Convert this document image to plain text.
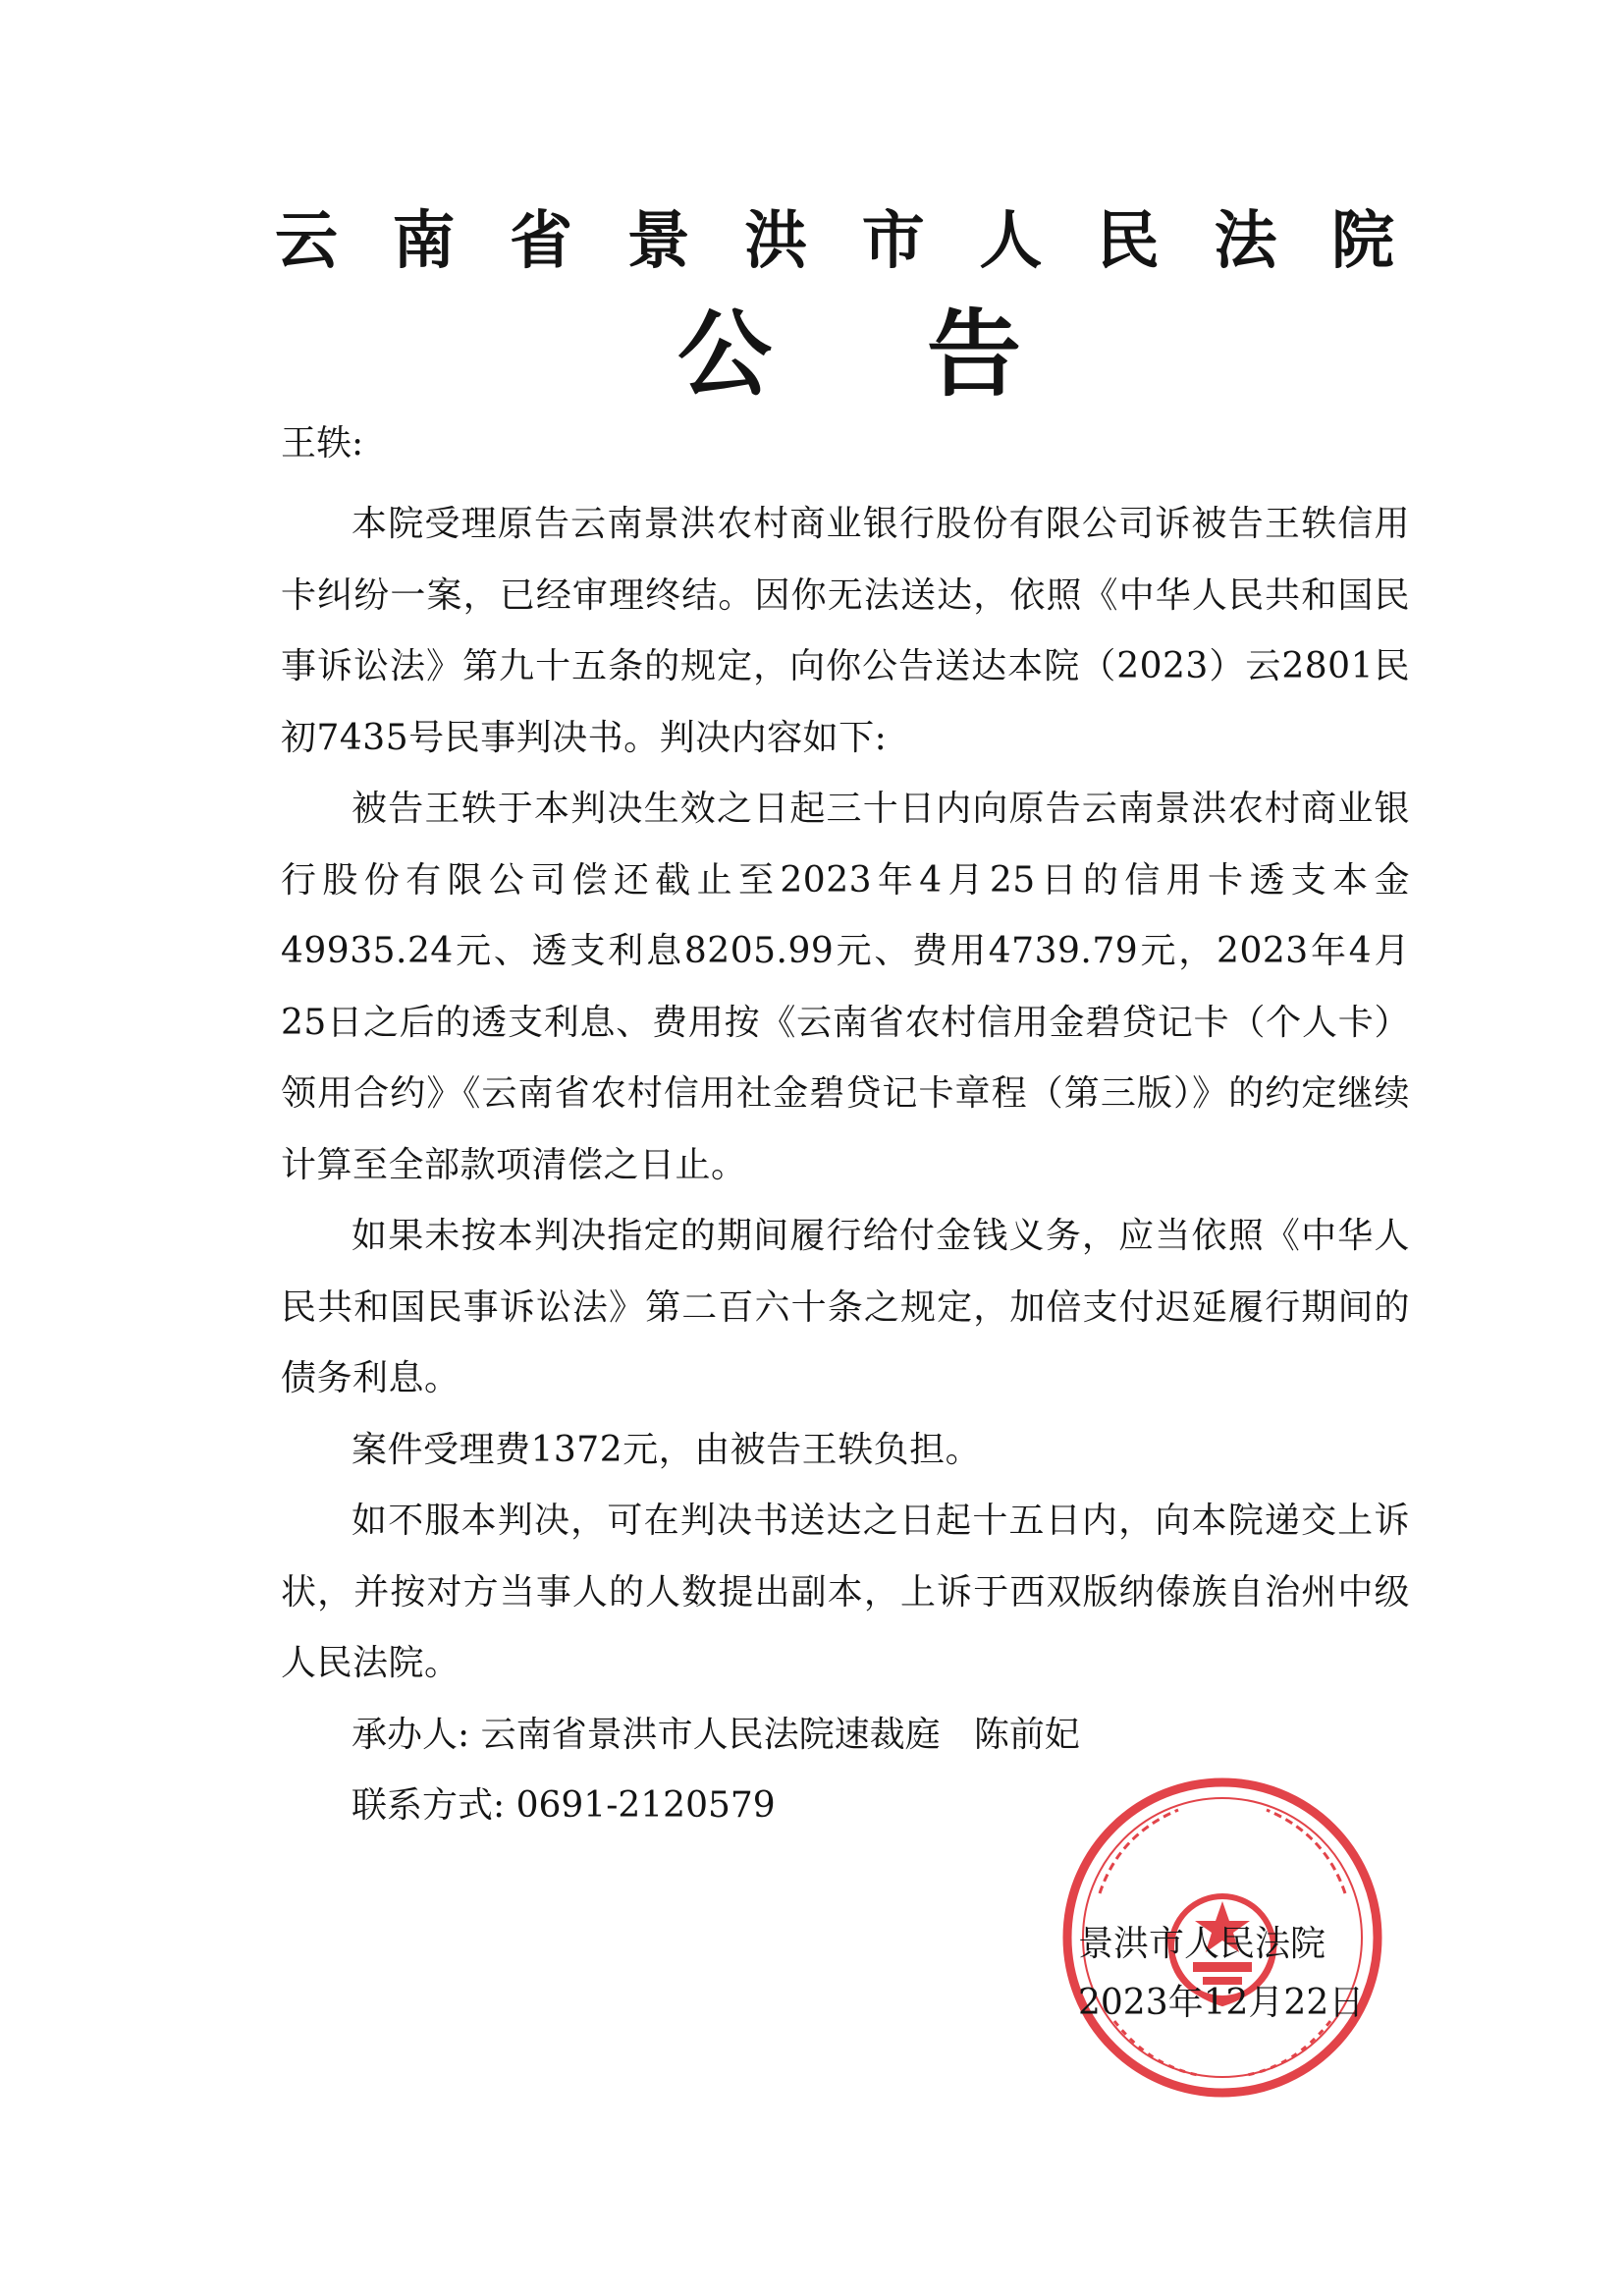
云南省景洪市人民法院
公告
王轶:

本院受理原告云南景洪农村商业银行股份有限公司诉被告王轶信用卡纠纷一案，已经审理终结。因你无法送达，依照《中华人民共和国民事诉讼法》第九十五条的规定，向你公告送达本院（2023）云2801民初7435号民事判决书。判决内容如下:

被告王轶于本判决生效之日起三十日内向原告云南景洪农村商业银行股份有限公司偿还截止至2023年4月25日的信用卡透支本金49935.24元、透支利息8205.99元、费用4739.79元，2023年4月25日之后的透支利息、费用按《云南省农村信用金碧贷记卡（个人卡）领用合约》《云南省农村信用社金碧贷记卡章程（第三版）》的约定继续计算至全部款项清偿之日止。

如果未按本判决指定的期间履行给付金钱义务，应当依照《中华人民共和国民事诉讼法》第二百六十条之规定，加倍支付迟延履行期间的债务利息。

案件受理费1372元，由被告王轶负担。

如不服本判决，可在判决书送达之日起十五日内，向本院递交上诉状，并按对方当事人的人数提出副本，上诉于西双版纳傣族自治州中级人民法院。

承办人: 云南省景洪市人民法院速裁庭   陈前妃

联系方式: 0691-2120579

景洪市人民法院
2023年12月22日
